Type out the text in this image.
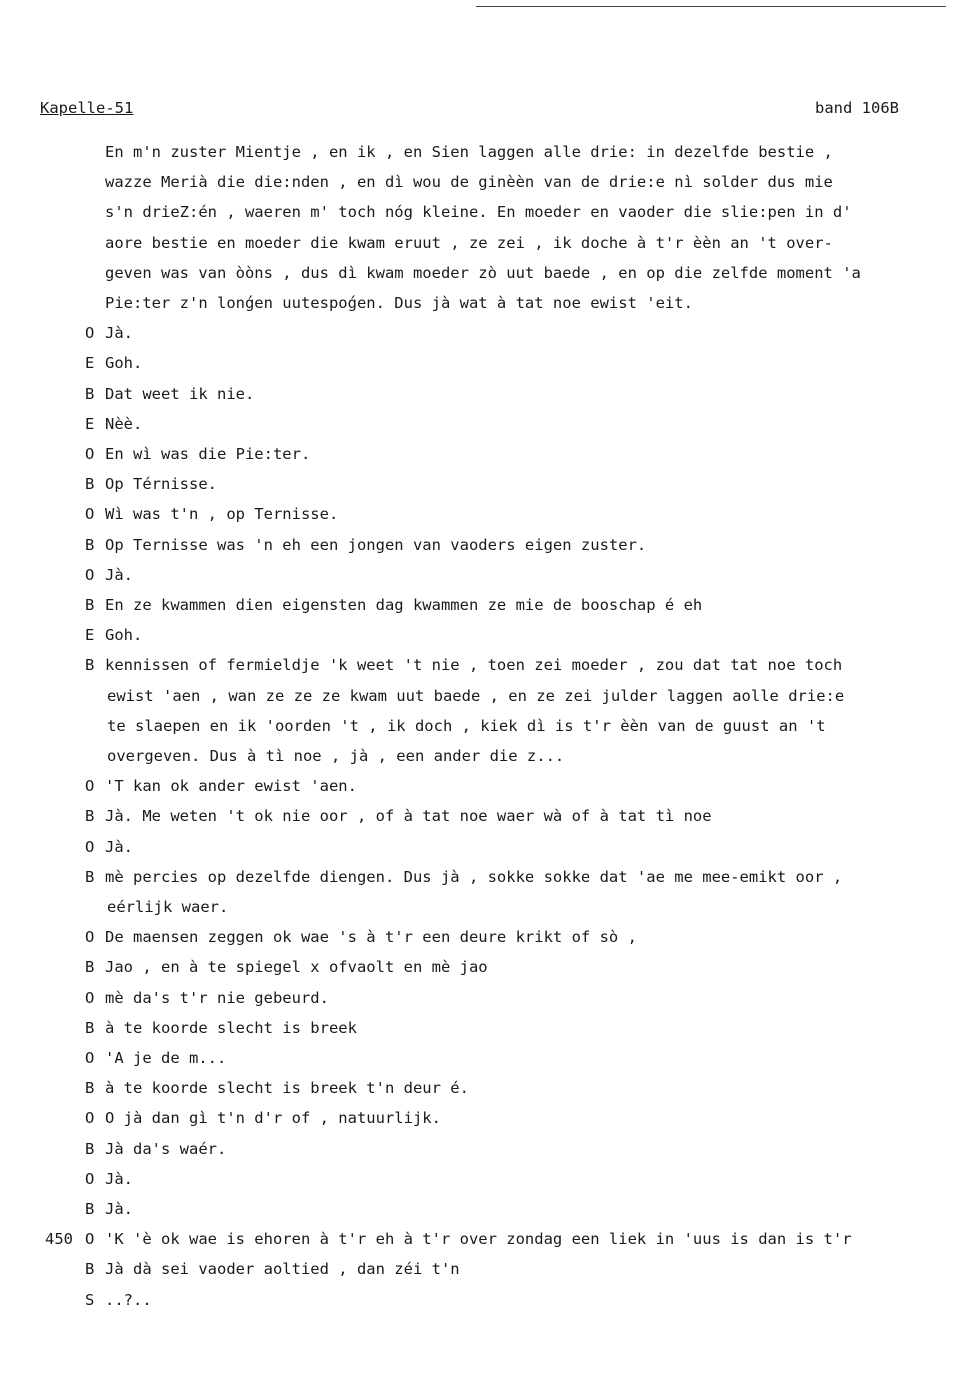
Kapelle-51	band 106B
En m'n zuster Mientje , en ik , en Sien laggen alle drie: in dezelfde bestie ,
wazze Merià die die:nden , en dì wou de ginèèn van de drie:e nì solder dus mie
s'n drieZ:én , waeren m' toch nóg kleine. En moeder en vaoder die slie:pen in d'
aore bestie en moeder die kwam eruut , ze zei , ik doche à t'r èèn an 't over-
geven was van òòns , dus dì kwam moeder zò uut baede , en op die zelfde moment 'a
Pie:ter z'n lonǵen uutespoǵen. Dus jà wat à tat noe ewist 'eit.
O Jà.
E Goh.
B Dat weet ik nie.
E Nèè.
O En wì was die Pie:ter.
B Op Térnisse.
O Wì was t'n , op Ternisse.
B Op Ternisse was 'n eh een jongen van vaoders eigen zuster.
O Jà.
B En ze kwammen dien eigensten dag kwammen ze mie de booschap é eh
E Goh.
B kennissen of fermieldje 'k weet 't nie , toen zei moeder , zou dat tat noe toch
ewist 'aen , wan ze ze ze kwam uut baede , en ze zei julder laggen aolle drie:e
te slaepen en ik 'oorden 't , ik doch , kiek dì is t'r èèn van de guust an 't
overgeven. Dus à tì noe , jà , een ander die z...
O 'T kan ok ander ewist 'aen.
B Jà. Me weten 't ok nie oor , of à tat noe waer wà of à tat tì noe
O Jà.
B mè percies op dezelfde diengen. Dus jà , sokke sokke dat 'ae me mee-emikt oor ,
eérlijk waer.
O De maensen zeggen ok wae 's à t'r een deure krikt of sò ,
B Jao , en à te spiegel x ofvaolt en mè jao
O mè da's t'r nie gebeurd.
B à te koorde slecht is breek
O 'A je de m...
B à te koorde slecht is breek t'n deur é.
O O jà dan gì t'n d'r of , natuurlijk.
B Jà da's waér.
O Jà.
B Jà.
450 O 'K 'è ok wae is ehoren à t'r eh à t'r over zondag een liek in 'uus is dan is t'r
B Jà dà sei vaoder aoltied , dan zéi t'n
S ..?..
